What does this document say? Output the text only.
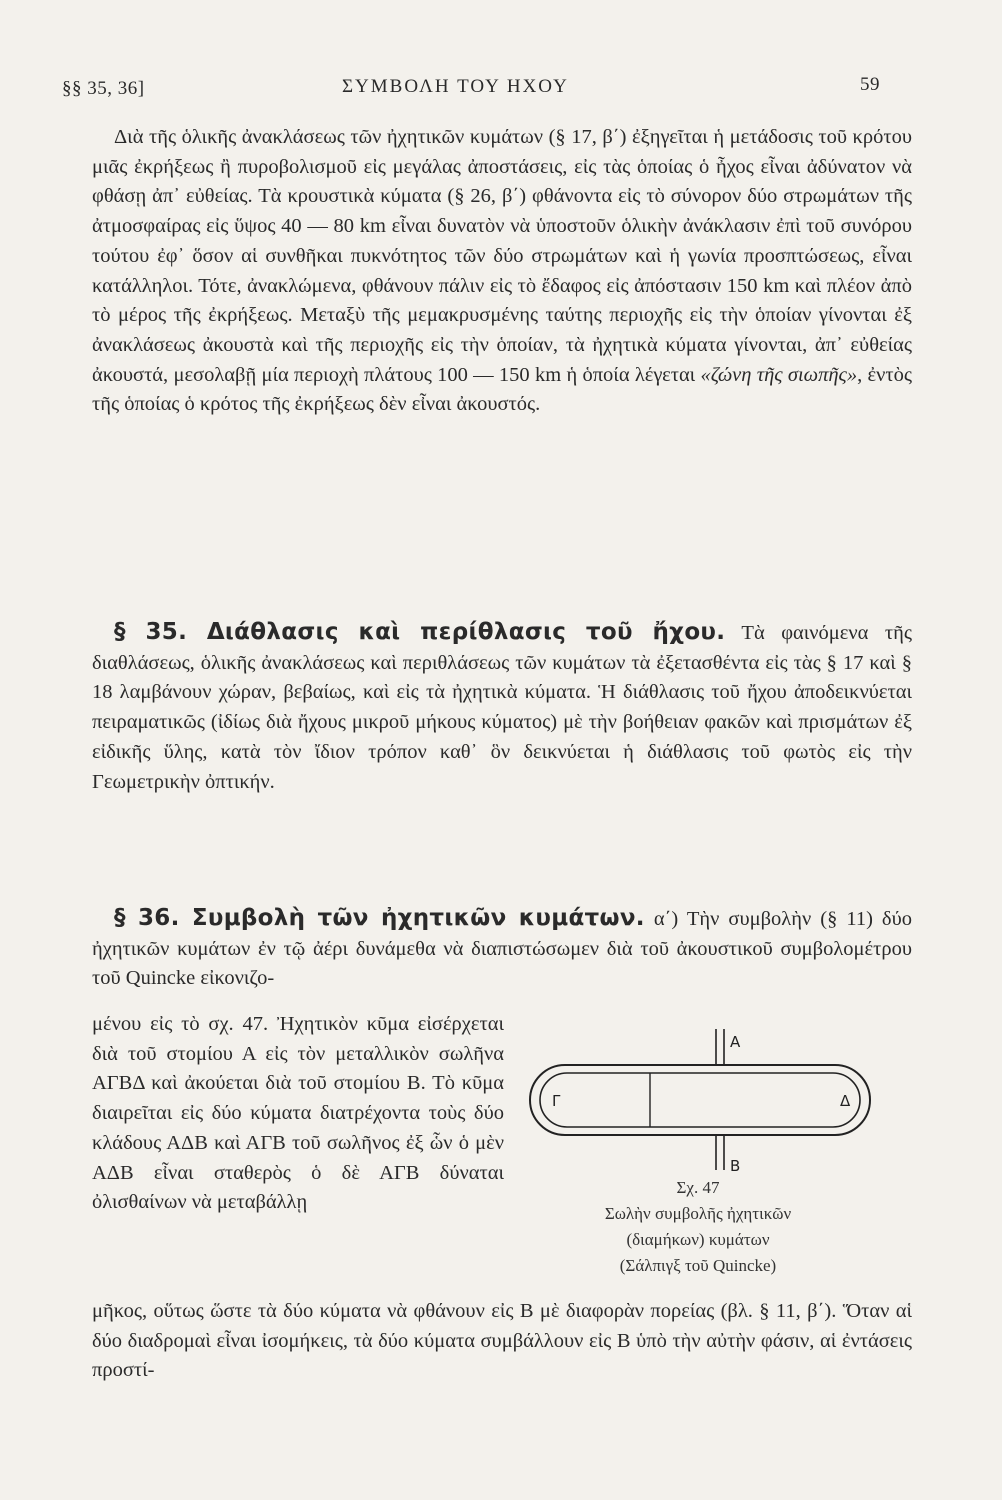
§§ 35, 36]	ΣΥΜΒΟΛΗ ΤΟΥ ΗΧΟΥ	59

Διὰ τῆς ὁλικῆς ἀνακλάσεως τῶν ἠχητικῶν κυμάτων (§ 17, β΄) ἐξηγεῖται ἡ μετάδοσις τοῦ κρότου μιᾶς ἐκρήξεως ἢ πυροβολισμοῦ εἰς μεγάλας ἀποστάσεις, εἰς τὰς ὁποίας ὁ ἦχος εἶναι ἀδύνατον νὰ φθάσῃ ἀπ᾽ εὐθείας. Τὰ κρουστικὰ κύματα (§ 26, β΄) φθάνοντα εἰς τὸ σύνορον δύο στρωμάτων τῆς ἀτμοσφαίρας εἰς ὕψος 40 — 80 km εἶναι δυνατὸν νὰ ὑποστοῦν ὁλικὴν ἀνάκλασιν ἐπὶ τοῦ συνόρου τούτου ἐφ᾽ ὅσον αἱ συνθῆκαι πυκνότητος τῶν δύο στρωμάτων καὶ ἡ γωνία προσπτώσεως, εἶναι κατάλληλοι. Τότε, ἀνακλώμενα, φθάνουν πάλιν εἰς τὸ ἔδαφος εἰς ἀπόστασιν 150 km καὶ πλέον ἀπὸ τὸ μέρος τῆς ἐκρήξεως. Μεταξὺ τῆς μεμακρυσμένης ταύτης περιοχῆς εἰς τὴν ὁποίαν γίνονται ἐξ ἀνακλάσεως ἀκουστὰ καὶ τῆς περιοχῆς εἰς τὴν ὁποίαν, τὰ ἠχητικὰ κύματα γίνονται, ἀπ᾽ εὐθείας ἀκουστά, μεσολαβῇ μία περιοχὴ πλάτους 100 — 150 km ἡ ὁποία λέγεται «ζώνη τῆς σιωπῆς», ἐντὸς τῆς ὁποίας ὁ κρότος τῆς ἐκρήξεως δὲν εἶναι ἀκουστός.

§ 35. Διάθλασις καὶ περίθλασις τοῦ ἤχου. Τὰ φαινόμενα τῆς διαθλάσεως, ὁλικῆς ἀνακλάσεως καὶ περιθλάσεως τῶν κυμάτων τὰ ἐξετασθέντα εἰς τὰς § 17 καὶ § 18 λαμβάνουν χώραν, βεβαίως, καὶ εἰς τὰ ἠχητικὰ κύματα. Ἡ διάθλασις τοῦ ἤχου ἀποδεικνύεται πειραματικῶς (ἰδίως διὰ ἤχους μικροῦ μήκους κύματος) μὲ τὴν βοήθειαν φακῶν καὶ πρισμάτων ἐξ εἰδικῆς ὕλης, κατὰ τὸν ἴδιον τρόπον καθ᾽ ὃν δεικνύεται ἡ διάθλασις τοῦ φωτὸς εἰς τὴν Γεωμετρικὴν ὀπτικήν.

§ 36. Συμβολὴ τῶν ἠχητικῶν κυμάτων. α΄) Τὴν συμβολὴν (§ 11) δύο ἠχητικῶν κυμάτων ἐν τῷ ἀέρι δυνάμεθα νὰ διαπιστώσωμεν διὰ τοῦ ἀκουστικοῦ συμβολομέτρου τοῦ Quincke εἰκονιζο-

μένου εἰς τὸ σχ. 47. Ἠχητικὸν κῦμα εἰσέρχεται διὰ τοῦ στομίου Α εἰς τὸν μεταλλικὸν σωλῆνα ΑΓΒΔ καὶ ἀκούεται διὰ τοῦ στομίου Β. Τὸ κῦμα διαιρεῖται εἰς δύο κύματα διατρέχοντα τοὺς δύο κλάδους ΑΔΒ καὶ ΑΓΒ τοῦ σωλῆνος ἐξ ὧν ὁ μὲν ΑΔΒ εἶναι σταθερὸς ὁ δὲ ΑΓΒ δύναται ὀλισθαίνων νὰ μεταβάλλῃ

μῆκος, οὕτως ὥστε τὰ δύο κύματα νὰ φθάνουν εἰς Β μὲ διαφορὰν πορείας (βλ. § 11, β΄). Ὅταν αἱ δύο διαδρομαὶ εἶναι ἰσομήκεις, τὰ δύο κύματα συμβάλλουν εἰς Β ὑπὸ τὴν αὐτὴν φάσιν, αἱ ἐντάσεις προστί-

A
B
Γ	Δ
Σχ. 47
Σωλὴν συμβολῆς ἠχητικῶν
(διαμήκων) κυμάτων
(Σάλπιγξ τοῦ Quincke)
